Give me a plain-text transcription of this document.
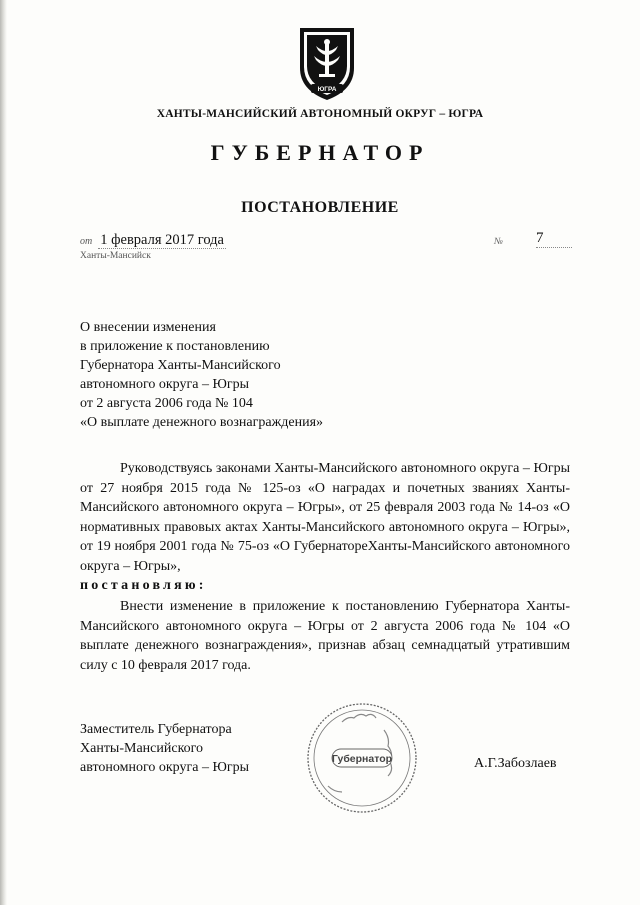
ЮГРА
ХАНТЫ-МАНСИЙСКИЙ АВТОНОМНЫЙ ОКРУГ – ЮГРА
ГУБЕРНАТОР
ПОСТАНОВЛЕНИЕ
от 1 февраля 2017 года
Ханты-Мансийск
№ 7
О внесении изменения
в приложение к постановлению
Губернатора Ханты-Мансийского
автономного округа – Югры
от 2 августа 2006 года № 104
«О выплате денежного вознаграждения»

Руководствуясь законами Ханты-Мансийского автономного округа – Югры от 27 ноября 2015 года № 125-оз «О наградах и почетных званиях Ханты-Мансийского автономного округа – Югры», от 25 февраля 2003 года № 14-оз «О нормативных правовых актах Ханты-Мансийского автономного округа – Югры», от 19 ноября 2001 года № 75-оз «О ГубернатореХанты-Мансийского автономного округа – Югры»,
постановляю:

Внести изменение в приложение к постановлению Губернатора Ханты-Мансийского автономного округа – Югры от 2 августа 2006 года № 104 «О выплате денежного вознаграждения», признав абзац семнадцатый утратившим силу с 10 февраля 2017 года.

Заместитель Губернатора
Ханты-Мансийского
автономного округа – Югры
Губернатор	А.Г.Забозлаев
